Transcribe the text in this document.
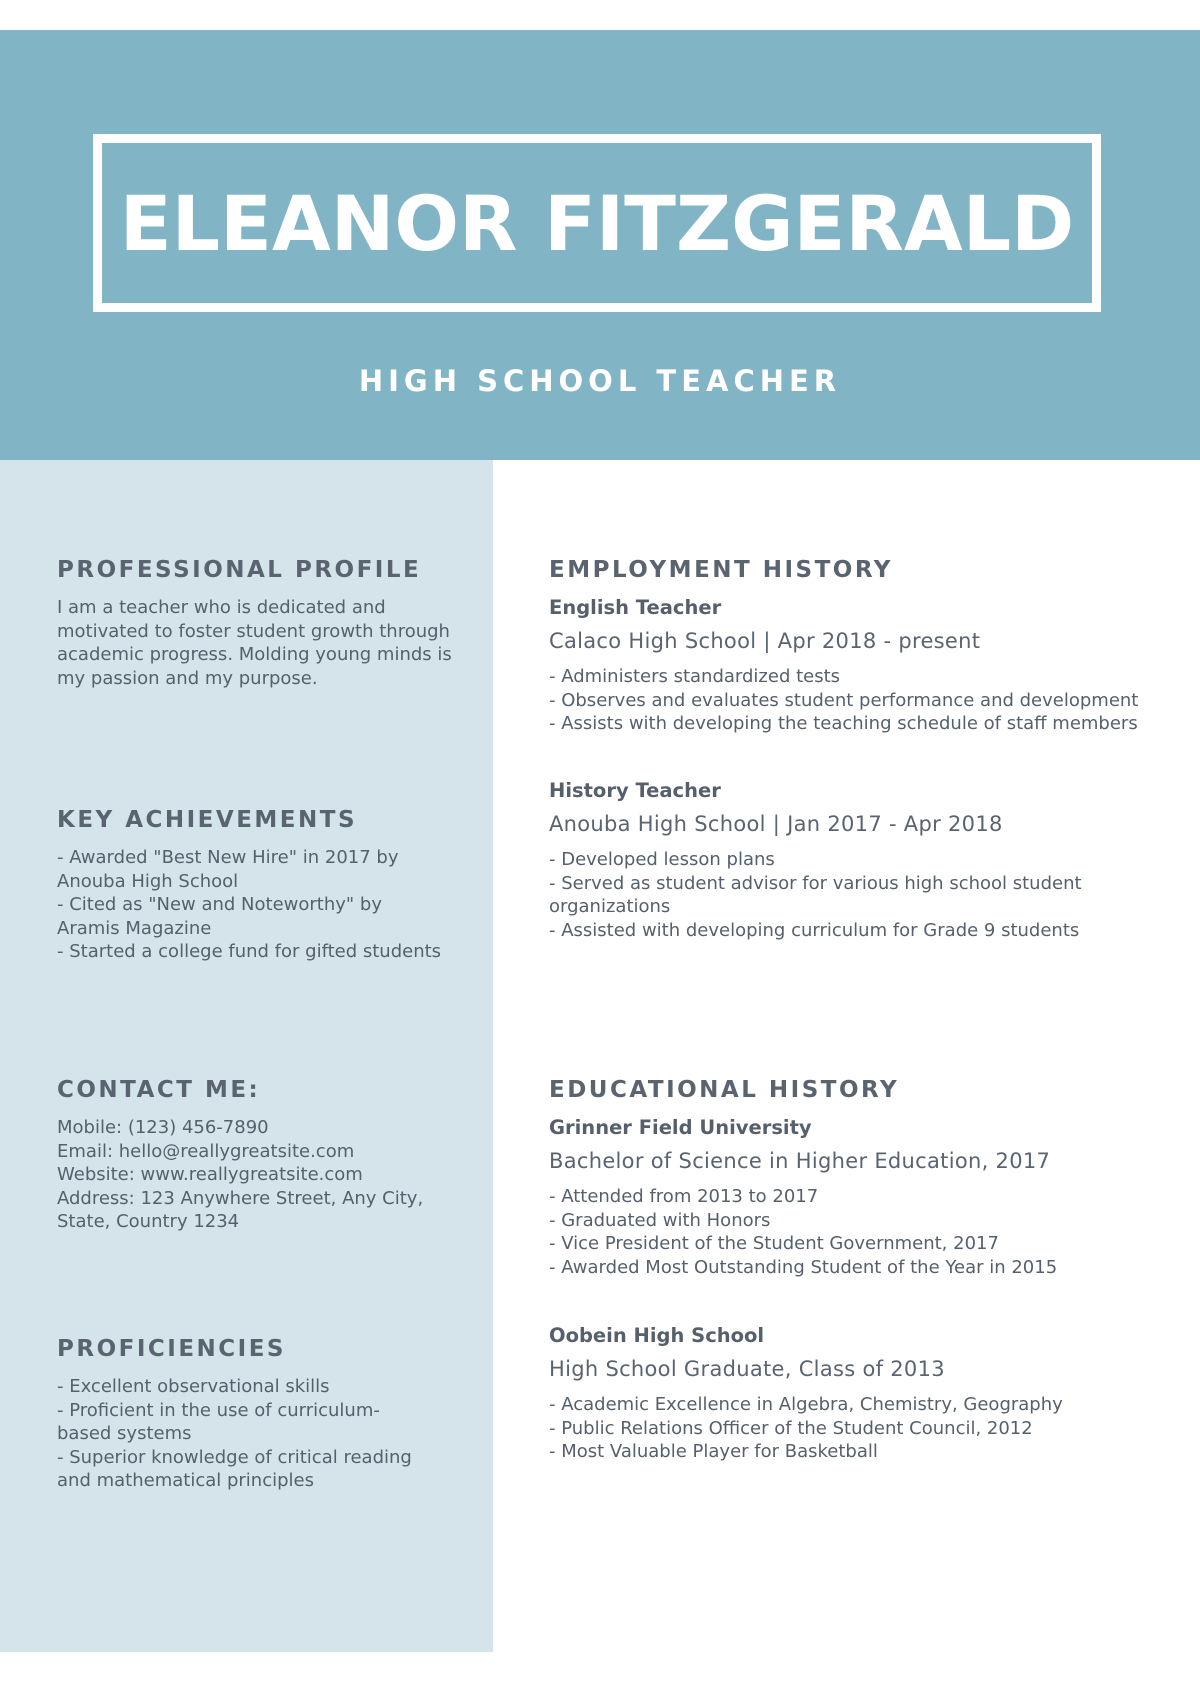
ELEANOR FITZGERALD
HIGH SCHOOL TEACHER
PROFESSIONAL PROFILE

I am a teacher who is dedicated and motivated to foster student growth through academic progress. Molding young minds is my passion and my purpose.

KEY ACHIEVEMENTS
- Awarded "Best New Hire" in 2017 by
Anouba High School
- Cited as "New and Noteworthy" by
Aramis Magazine
- Started a college fund for gifted students
CONTACT ME:
Mobile: (123) 456-7890
Email: hello@reallygreatsite.com
Website: www.reallygreatsite.com
Address: 123 Anywhere Street, Any City,
State, Country 1234
PROFICIENCIES
- Excellent observational skills
- Proficient in the use of curriculum-
based systems
- Superior knowledge of critical reading
and mathematical principles
EMPLOYMENT HISTORY
English Teacher
Calaco High School | Apr 2018 - present
- Administers standardized tests
- Observes and evaluates student performance and development
- Assists with developing the teaching schedule of staff members
History Teacher
Anouba High School | Jan 2017 - Apr 2018
- Developed lesson plans
- Served as student advisor for various high school student
organizations
- Assisted with developing curriculum for Grade 9 students
EDUCATIONAL HISTORY
Grinner Field University
Bachelor of Science in Higher Education, 2017
- Attended from 2013 to 2017
- Graduated with Honors
- Vice President of the Student Government, 2017
- Awarded Most Outstanding Student of the Year in 2015
Oobein High School
High School Graduate, Class of 2013
- Academic Excellence in Algebra, Chemistry, Geography
- Public Relations Officer of the Student Council, 2012
- Most Valuable Player for Basketball
